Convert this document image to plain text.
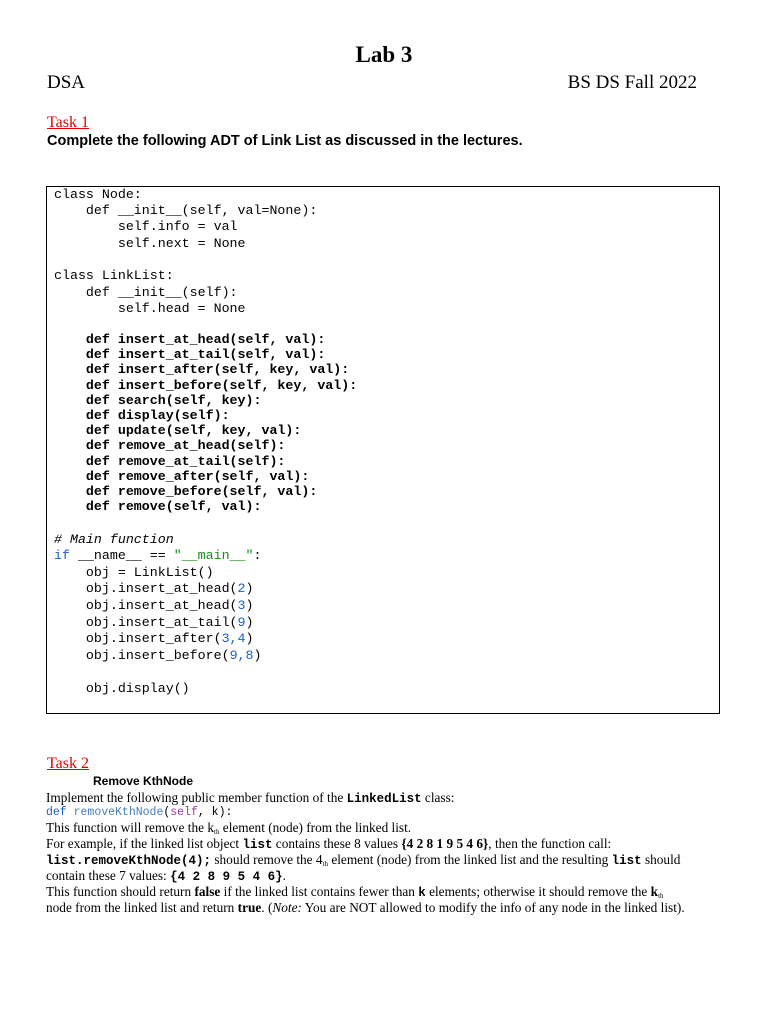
Lab 3
DSA	BS DS Fall 2022
Task 1
Complete the following ADT of Link List as discussed in the lectures.
class Node:
def __init__(self, val=None):
self.info = val
self.next = None
class LinkList:
def __init__(self):
self.head = None
def insert_at_head(self, val):
def insert_at_tail(self, val):
def insert_after(self, key, val):
def insert_before(self, key, val):
def search(self, key):
def display(self):
def update(self, key, val):
def remove_at_head(self):
def remove_at_tail(self):
def remove_after(self, val):
def remove_before(self, val):
def remove(self, val):
# Main function
if __name__ == "__main__":
obj = LinkList()
obj.insert_at_head(2)
obj.insert_at_head(3)
obj.insert_at_tail(9)
obj.insert_after(3,4)
obj.insert_before(9,8)
obj.display()
Task 2
Remove KthNode
Implement the following public member function of the LinkedList class:
def removeKthNode(self, k):
This function will remove the $k_{th}$ element (node) from the linked list.
For example, if the linked list object list contains these 8 values {4 2 8 1 9 5 4 6}, then the function call:
list.removeKthNode(4); should remove the $4_{th}$ element (node) from the linked list and the resulting list should
contain these 7 values: {4 2 8 9 5 4 6}.
This function should return false if the linked list contains fewer than k elements; otherwise it should remove the $k_{th}$
node from the linked list and return true. (Note: You are NOT allowed to modify the info of any node in the linked list).
